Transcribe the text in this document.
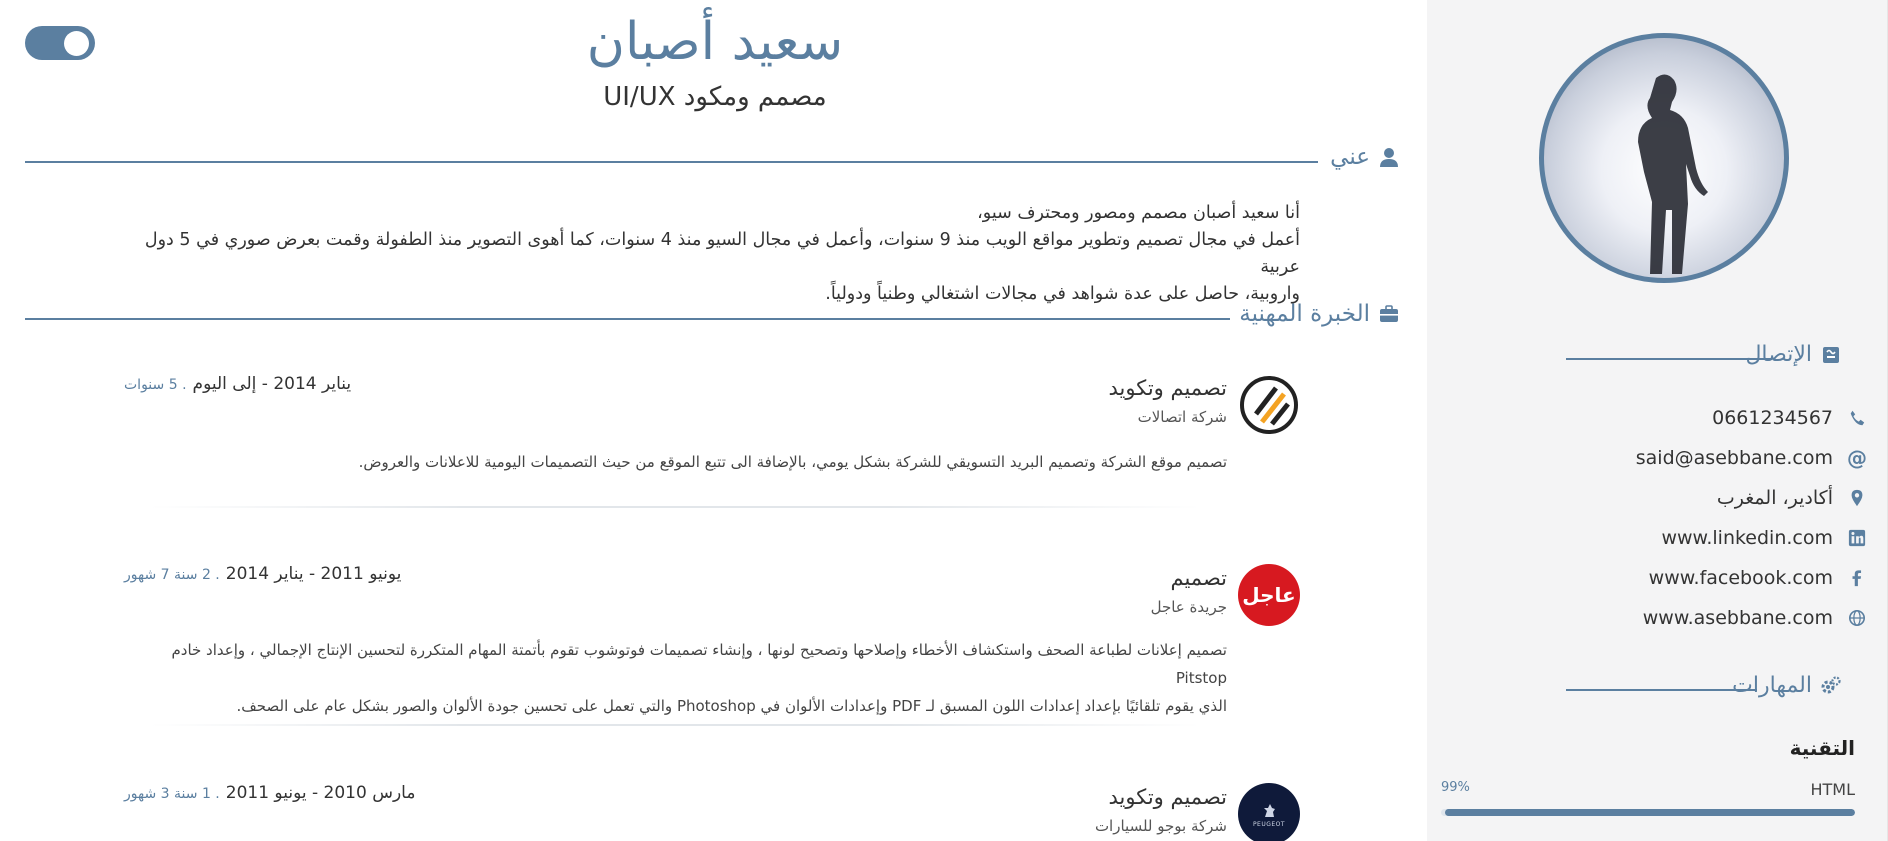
الإتصال
0661234567
@
said@asebbane.com
أكادير، المغرب
www.linkedin.com
www.facebook.com
www.asebbane.com
المهارات
التقنية
HTML
99%
سعيد أصبان
مصمم ومكود UI/UX
عني

أنا سعيد أصبان مصمم ومصور ومحترف سيو،

أعمل في مجال تصميم وتطوير مواقع الويب منذ 9 سنوات، وأعمل في مجال السيو منذ 4 سنوات، كما أهوى التصوير منذ الطفولة وقمت بعرض صوري في 5 دول عربية

واروبية، حاصل على عدة شواهد في مجالات اشتغالي وطنياً ودولياً.

الخبرة المهنية
تصميم وتكويد
شركة اتصالات
يناير 2014 - إلى اليوم
. 5 سنوات
تصميم موقع الشركة وتصميم البريد التسويقي للشركة بشكل يومي، بالإضافة الى تتبع الموقع من حيث التصميمات اليومية للاعلانات والعروض.
عاجل
تصميم
جريدة عاجل
يونيو 2011 - يناير 2014
. 2 سنة 7 شهور
تصميم إعلانات لطباعة الصحف واستكشاف الأخطاء وإصلاحها وتصحيح لونها ، وإنشاء تصميمات فوتوشوب تقوم بأتمتة المهام المتكررة لتحسين الإنتاج الإجمالي ، وإعداد خادم Pitstop
الذي يقوم تلقائيًا بإعداد إعدادات اللون المسبق لـ PDF وإعدادات الألوان في Photoshop والتي تعمل على تحسين جودة الألوان والصور بشكل عام على الصحف.
PEUGEOT
تصميم وتكويد
شركة بوجو للسيارات
مارس 2010 - يونيو 2011
. 1 سنة 3 شهور
